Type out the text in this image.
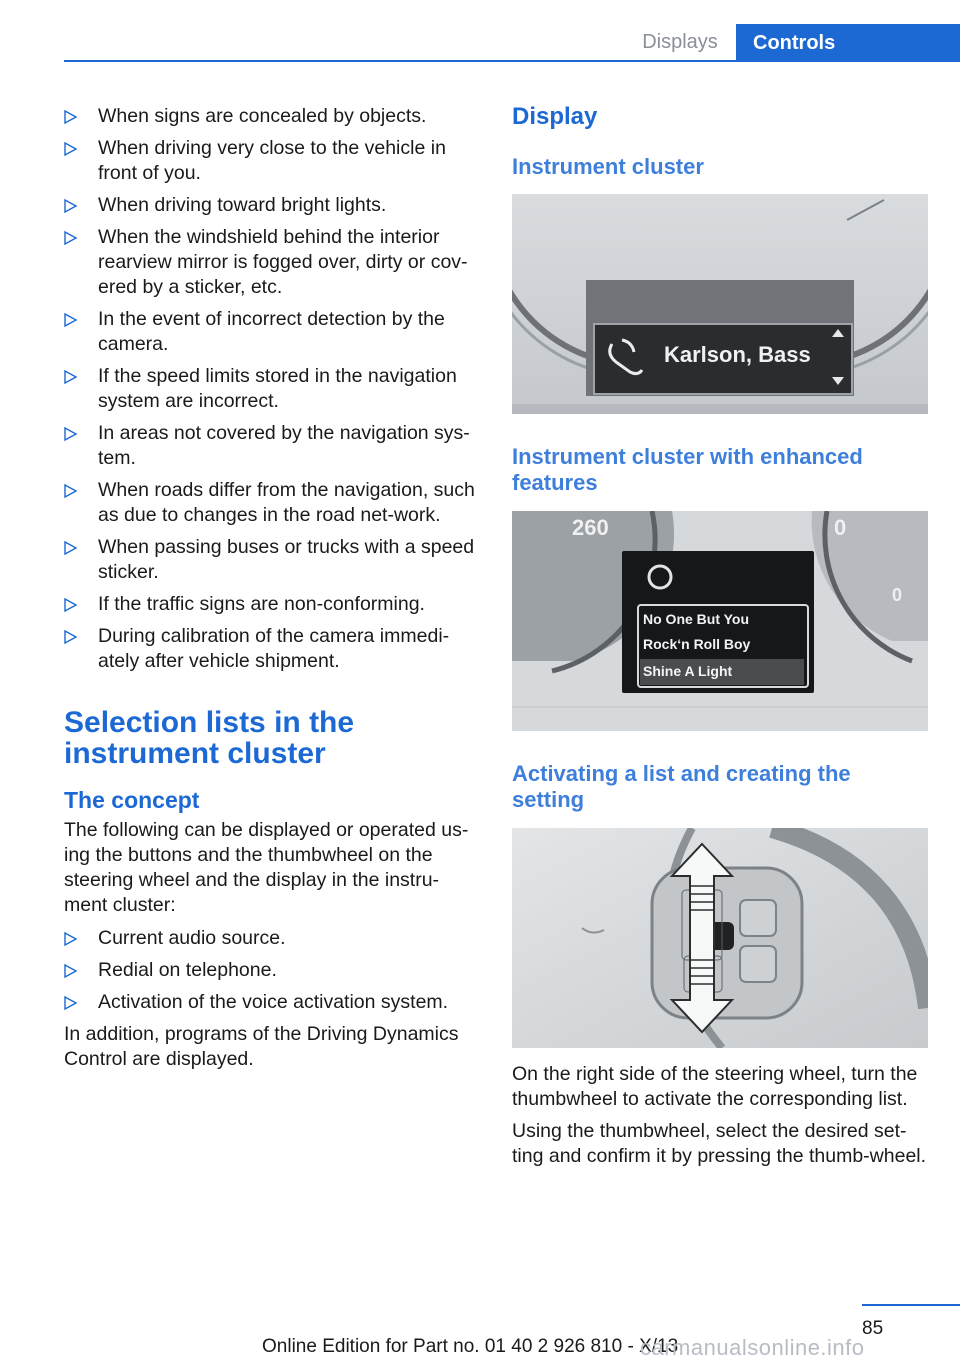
Displays	Controls
When signs are concealed by objects.
When driving very close to the vehicle in front of you.
When driving toward bright lights.
When the windshield behind the interior rearview mirror is fogged over, dirty or cov-ered by a sticker, etc.
In the event of incorrect detection by the camera.
If the speed limits stored in the navigation system are incorrect.
In areas not covered by the navigation sys-tem.
When roads differ from the navigation, such as due to changes in the road net-work.
When passing buses or trucks with a speed sticker.
If the traffic signs are non-conforming.
During calibration of the camera immedi-ately after vehicle shipment.
Selection lists in the instrument cluster
The concept

The following can be displayed or operated us-ing the buttons and the thumbwheel on the steering wheel and the display in the instru-ment cluster:

Current audio source.
Redial on telephone.
Activation of the voice activation system.

In addition, programs of the Driving Dynamics Control are displayed.

Display
Instrument cluster
Karlson, Bass
Instrument cluster with enhanced features
260	0
0
No One But You
Rock‘n Roll Boy
Shine A Light
Activating a list and creating the setting

On the right side of the steering wheel, turn the thumbwheel to activate the corresponding list.

Using the thumbwheel, select the desired set-ting and confirm it by pressing the thumb-wheel.

85
Online Edition for Part no. 01 40 2 926 810 - X/13
carmanualsonline.info
